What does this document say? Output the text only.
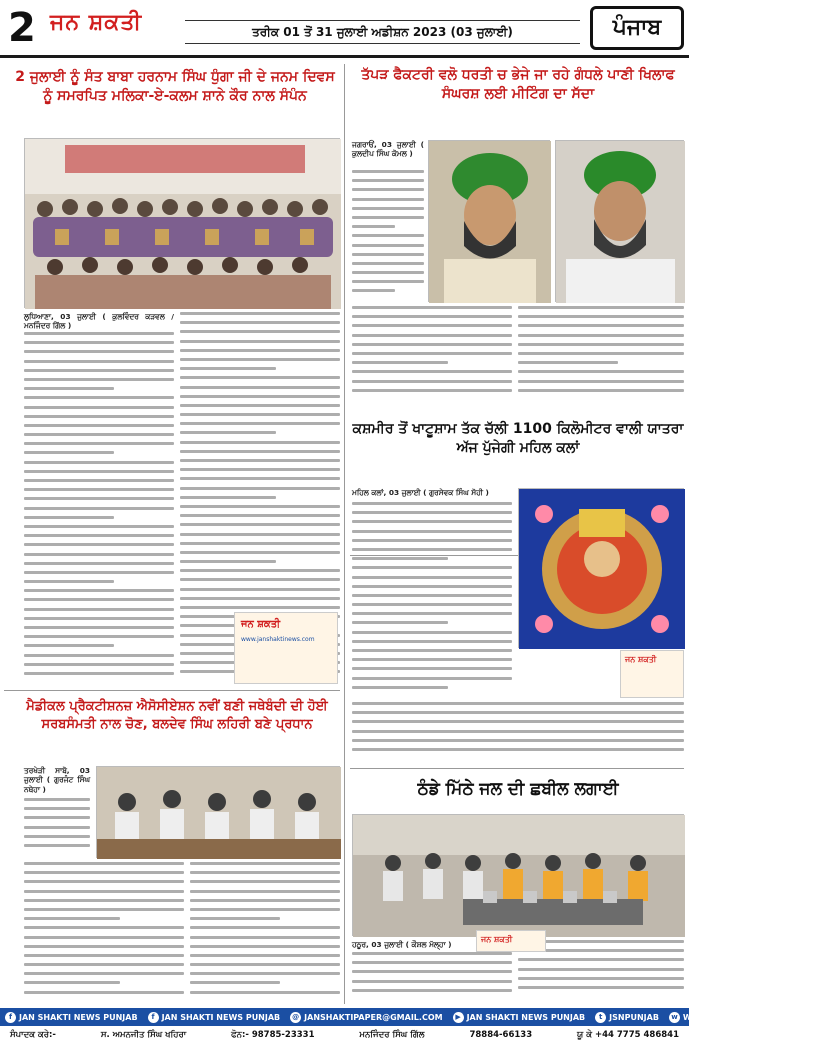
2 ਜਨ ਸ਼ਕਤੀ	ਤਰੀਕ 01 ਤੋਂ 31 ਜੁਲਾਈ ਅਡੀਸ਼ਨ 2023 (03 ਜੁਲਾਈ)	ਪੰਜਾਬ
2 ਜੁਲਾਈ ਨੂੰ ਸੰਤ ਬਾਬਾ ਹਰਨਾਮ ਸਿੰਘ ਧੁੰਗਾ ਜੀ ਦੇ ਜਨਮ ਦਿਵਸ ਨੂੰ ਸਮਰਪਿਤ ਮਲਿਕਾ-ਏ-ਕਲਮ ਸ਼ਾਨੇ ਕੌਰ ਨਾਲ ਸੰਪੰਨ
ਲੁਧਿਆਣਾ, 03 ਜੁਲਾਈ ( ਕੁਲਵਿੰਦਰ ਕੜਵਲ / ਮਨਜਿੰਦਰ ਗਿੱਲ )
ਤੱਪੜ ਫੈਕਟਰੀ ਵਲੋ ਧਰਤੀ ਚ ਭੇਜੇ ਜਾ ਰਹੇ ਗੰਧਲੇ ਪਾਣੀ ਖਿਲਾਫ ਸੰਘਰਸ਼ ਲਈ ਮੀਟਿੰਗ ਦਾ ਸੱਦਾ
ਜਗਰਾਓਂ, 03 ਜੁਲਾਈ ( ਕੁਲਦੀਪ ਸਿੰਘ ਕੋਮਲ )
ਕਸ਼ਮੀਰ ਤੋਂ ਖਾਟੂਸ਼ਾਮ ਤੱਕ ਚੱਲੀ 1100 ਕਿਲੋਮੀਟਰ ਵਾਲੀ ਯਾਤਰਾ ਅੱਜ ਪੁੱਜੇਗੀ ਮਹਿਲ ਕਲਾਂ
ਮਹਿਲ ਕਲਾਂ, 03 ਜੁਲਾਈ ( ਗੁਰਸੇਵਕ ਸਿੰਘ ਸੋਹੀ )
ਮੈਡੀਕਲ ਪ੍ਰੈਕਟੀਸ਼ਨਜ਼ ਐਸੋਸੀਏਸ਼ਨ ਨਵੀਂ ਬਣੀ ਜਥੇਬੰਦੀ ਦੀ ਹੋਈ ਸਰਬਸੰਮਤੀ ਨਾਲ ਚੋਣ, ਬਲਦੇਵ ਸਿੰਘ ਲਹਿਰੀ ਬਣੇ ਪ੍ਰਧਾਨ
ਤਰਖੇੜੀ ਸਾਬੋ, 03 ਜੁਲਾਈ ( ਗੁਰਜੰਟ ਸਿੰਘ ਨਥੇਹਾ )	ਠੰਡੇ ਮਿੱਠੇ ਜਲ ਦੀ ਛਬੀਲ ਲਗਾਈ
ਹਠੂਰ, 03 ਜੁਲਾਈ ( ਕੌਸ਼ਲ ਮੱਲ੍ਹਾ )
ਜਨ ਸ਼ਕਤੀ
www.janshaktinews.com
ਜਨ ਸ਼ਕਤੀ
ਜਨ ਸ਼ਕਤੀ
f JAN SHAKTI NEWS PUNJAB	f JAN SHAKTI NEWS PUNJAB @ JANSHAKTIPAPER@GMAIL.COM	▶ JAN SHAKTI NEWS PUNJAB	t JSNPUNJAB	w WWW.JANSHAKTINEWS.COM
ਸੰਪਾਦਕ ਕਰੇ:-	ਸ. ਅਮਨਜੀਤ ਸਿੰਘ ਖਹਿਰਾ	ਫੋਨ:- 98785-23331	ਮਨਜਿੰਦਰ ਸਿੰਘ ਗਿੱਲ	78884-66133	ਯੂ ਕੇ +44 7775 486841
